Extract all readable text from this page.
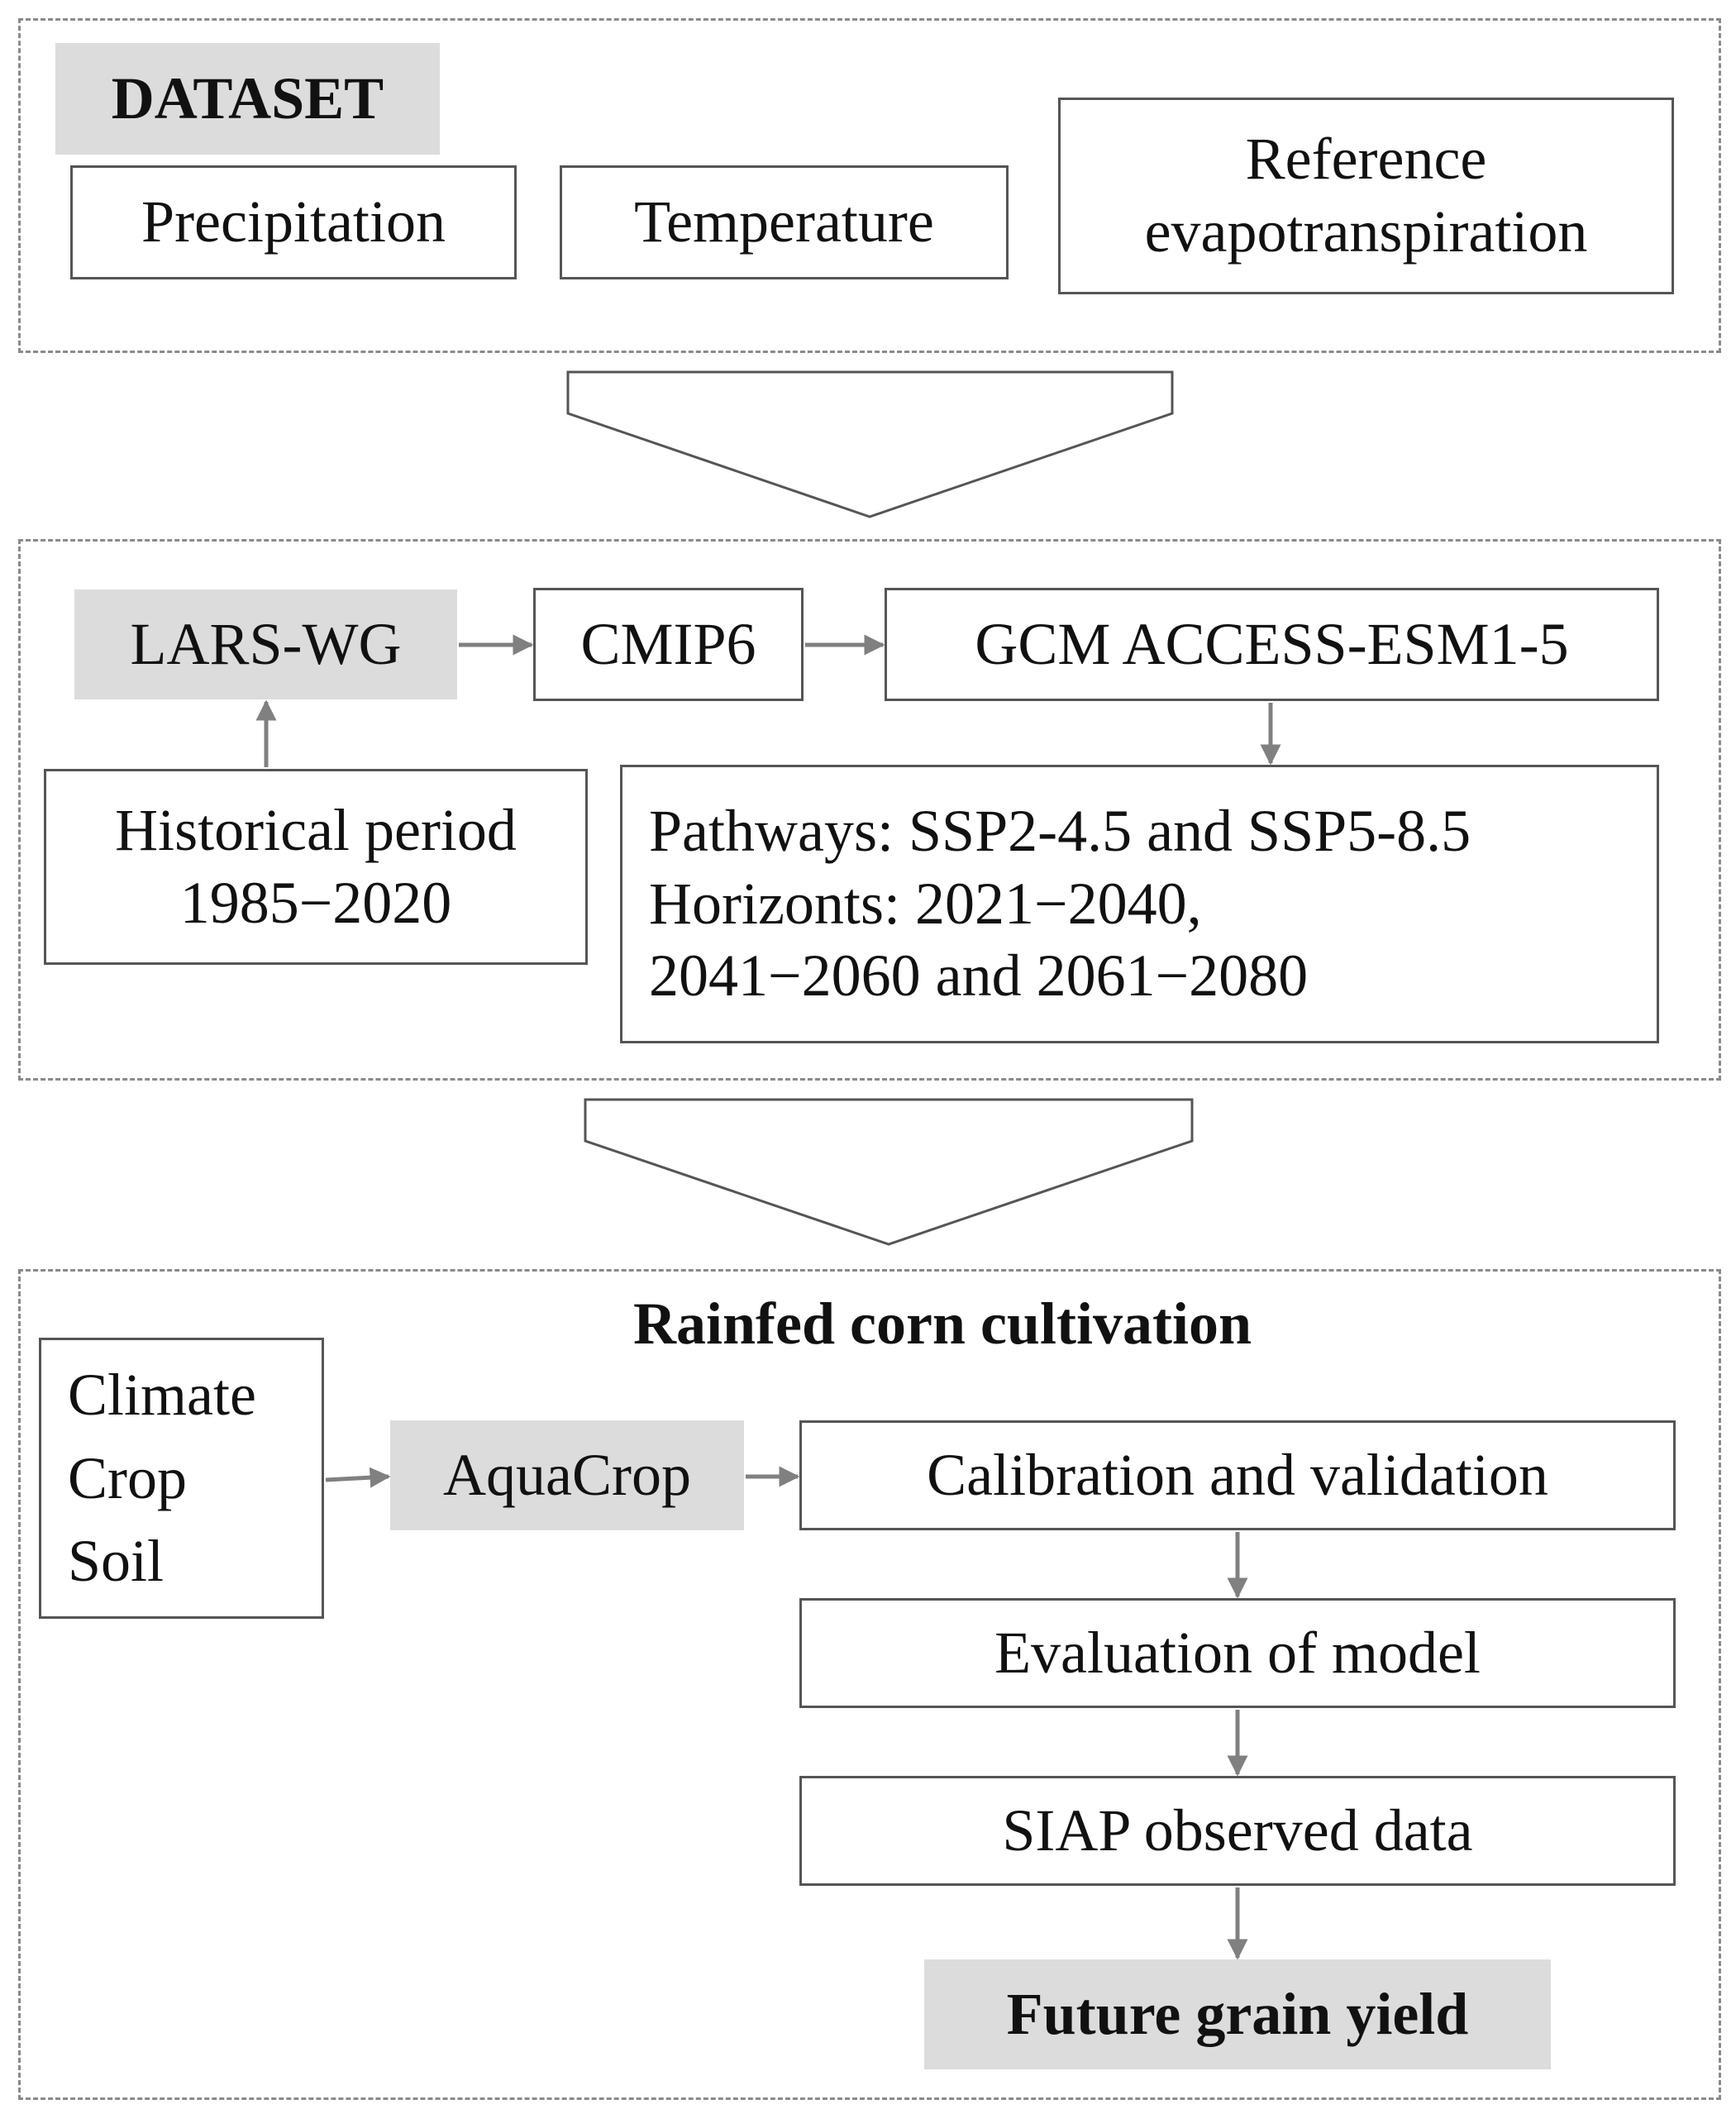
DATASET
Precipitation	Temperature
Reference
evapotranspiration
LARS-WG	CMIP6	GCM ACCESS-ESM1-5
Historical period
1985−2020
Pathways: SSP2-4.5 and SSP5-8.5
Horizonts: 2021−2040,
2041−2060 and 2061−2080
Rainfed corn cultivation
Climate
Crop
Soil
AquaCrop	Calibration and validation
Evaluation of model
SIAP observed data
Future grain yield
